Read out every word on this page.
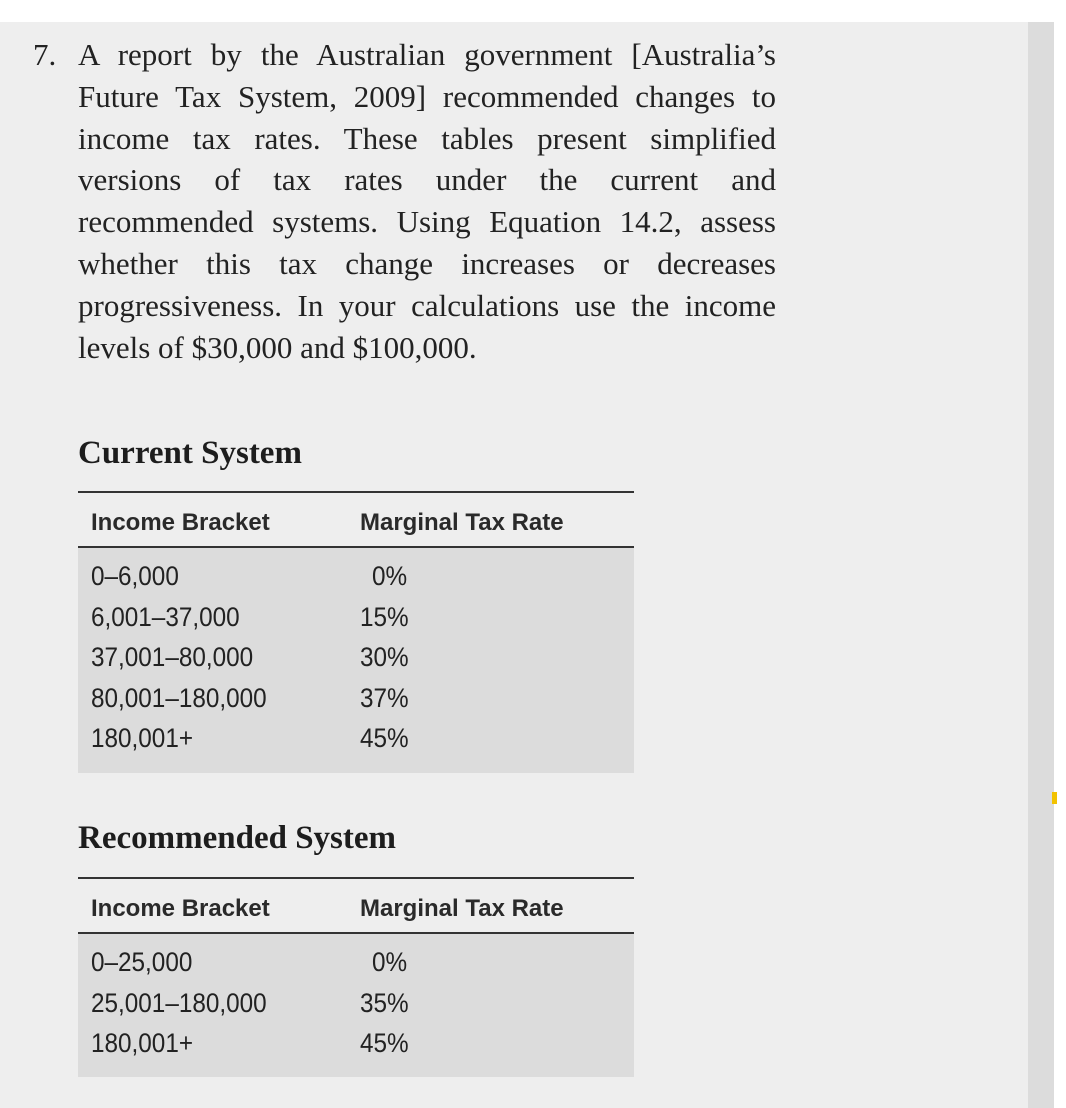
7. A report by the Australian government [Australia’s Future Tax System, 2009] recommended changes to income tax rates. These tables present simplified versions of tax rates under the current and recommended systems. Using Equation 14.2, assess whether this tax change increases or decreases progressiveness. In your calculations use the income levels of $30,000 and $100,000.

Current System
Income Bracket	Marginal Tax Rate
0–6,000	0%
6,001–37,000	15%
37,001–80,000	30%
80,001–180,000	37%
180,001+	45%
Recommended System
Income Bracket	Marginal Tax Rate
0–25,000	0%
25,001–180,000	35%
180,001+	45%
